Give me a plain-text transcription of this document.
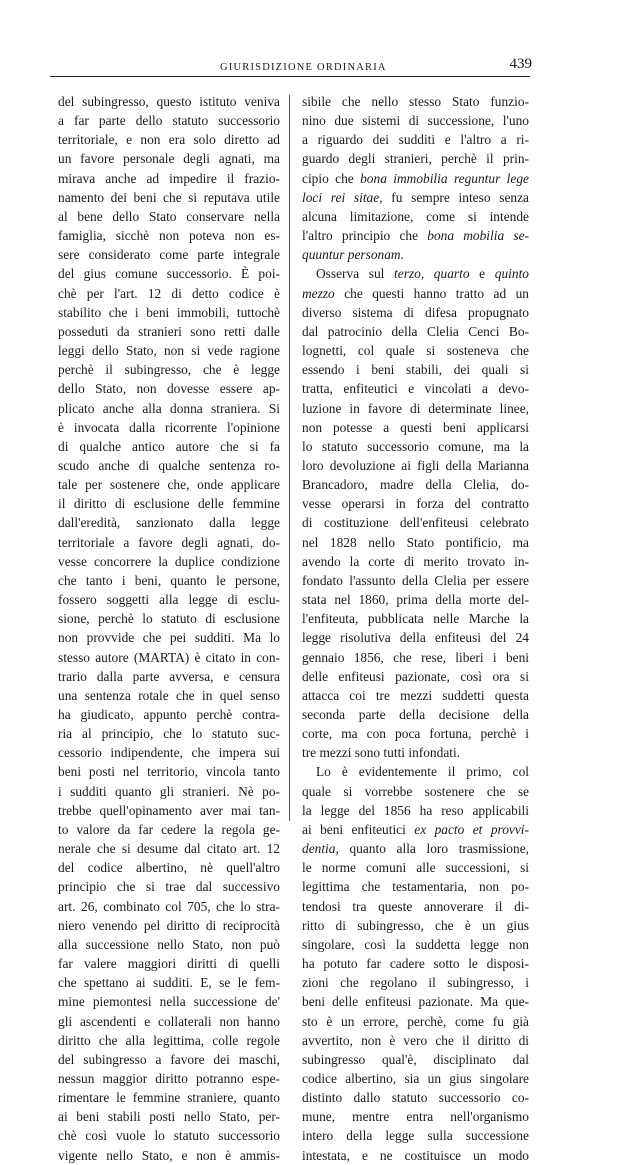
GIURISDIZIONE ORDINARIA	439
del subingresso, questo istituto veniva
a far parte dello statuto successorio
territoriale, e non era solo diretto ad
un favore personale degli agnati, ma
mirava anche ad impedire il frazio-
namento dei beni che si reputava utile
al bene dello Stato conservare nella
famiglia, sicchè non poteva non es-
sere considerato come parte integrale
del gius comune successorio. È poi-
chè per l'art. 12 di detto codice è
stabilito che i beni immobili, tuttochè
posseduti da stranieri sono retti dalle
leggi dello Stato, non si vede ragione
perchè il subingresso, che è legge
dello Stato, non dovesse essere ap-
plicato anche alla donna straniera. Si
è invocata dalla ricorrente l'opinione
di qualche antico autore che si fa
scudo anche di qualche sentenza ro-
tale per sostenere che, onde applicare
il diritto di esclusione delle femmine
dall'eredità, sanzionato dalla legge
territoriale a favore degli agnati, do-
vesse concorrere la duplice condizione
che tanto i beni, quanto le persone,
fossero soggetti alla legge di esclu-
sione, perchè lo statuto di esclusione
non provvide che pei sudditi. Ma lo
stesso autore (MARTA) è citato in con-
trario dalla parte avversa, e censura
una sentenza rotale che in quel senso
ha giudicato, appunto perchè contra-
ria al principio, che lo statuto suc-
cessorio indipendente, che impera sui
beni posti nel territorio, vincola tanto
i sudditi quanto gli stranieri. Nè po-
trebbe quell'opinamento aver mai tan-
to valore da far cedere la regola ge-
nerale che si desume dal citato art. 12
del codice albertino, nè quell'altro
principio che si trae dal successivo
art. 26, combinato col 705, che lo stra-
niero venendo pel diritto di reciprocità
alla successione nello Stato, non può
far valere maggiori diritti di quelli
che spettano ai sudditi. E, se le fem-
mine piemontesi nella successione de'
gli ascendenti e collaterali non hanno
diritto che alla legittima, colle regole
del subingresso a favore dei maschi,
nessun maggior diritto potranno espe-
rimentare le femmine straniere, quanto
ai beni stabili posti nello Stato, per-
chè così vuole lo statuto successorio
vigente nello Stato, e non è ammis-
sibile che nello stesso Stato funzio-
nino due sistemi di successione, l'uno
a riguardo dei sudditi e l'altro a ri-
guardo degli stranieri, perchè il prin-
cipio che bona immobilia reguntur lege
loci rei sitae, fu sempre inteso senza
alcuna limitazione, come si intende
l'altro principio che bona mobilia se-
quuntur personam.
Osserva sul terzo, quarto e quinto
mezzo che questi hanno tratto ad un
diverso sistema di difesa propugnato
dal patrocinio della Clelia Cenci Bo-
lognetti, col quale si sosteneva che
essendo i beni stabili, dei quali si
tratta, enfiteutici e vincolati a devo-
luzione in favore di determinate linee,
non potesse a questi beni applicarsi
lo statuto successorio comune, ma la
loro devoluzione ai figli della Marianna
Brancadoro, madre della Clelia, do-
vesse operarsi in forza del contratto
di costituzione dell'enfiteusi celebrato
nel 1828 nello Stato pontificio, ma
avendo la corte di merito trovato in-
fondato l'assunto della Clelia per essere
stata nel 1860, prima della morte del-
l'enfiteuta, pubblicata nelle Marche la
legge risolutiva della enfiteusi del 24
gennaio 1856, che rese, liberi i beni
delle enfiteusi pazionate, così ora si
attacca coi tre mezzi suddetti questa
seconda parte della decisione della
corte, ma con poca fortuna, perchè i
tre mezzi sono tutti infondati.
Lo è evidentemente il primo, col
quale si vorrebbe sostenere che se
la legge del 1856 ha reso applicabili
ai beni enfiteutici ex pacto et provvi-
dentia, quanto alla loro trasmissione,
le norme comuni alle successioni, si
legittima che testamentaria, non po-
tendosi tra queste annoverare il di-
ritto di subingresso, che è un gius
singolare, così la suddetta legge non
ha potuto far cadere sotto le disposi-
zioni che regolano il subingresso, i
beni delle enfiteusi pazionate. Ma que-
sto è un errore, perchè, come fu già
avvertito, non è vero che il diritto di
subingresso qual'è, disciplinato dal
codice albertino, sia un gius singolare
distinto dallo statuto successorio co-
mune, mentre entra nell'organismo
intero della legge sulla successione
intestata, e ne costituisce un modo
